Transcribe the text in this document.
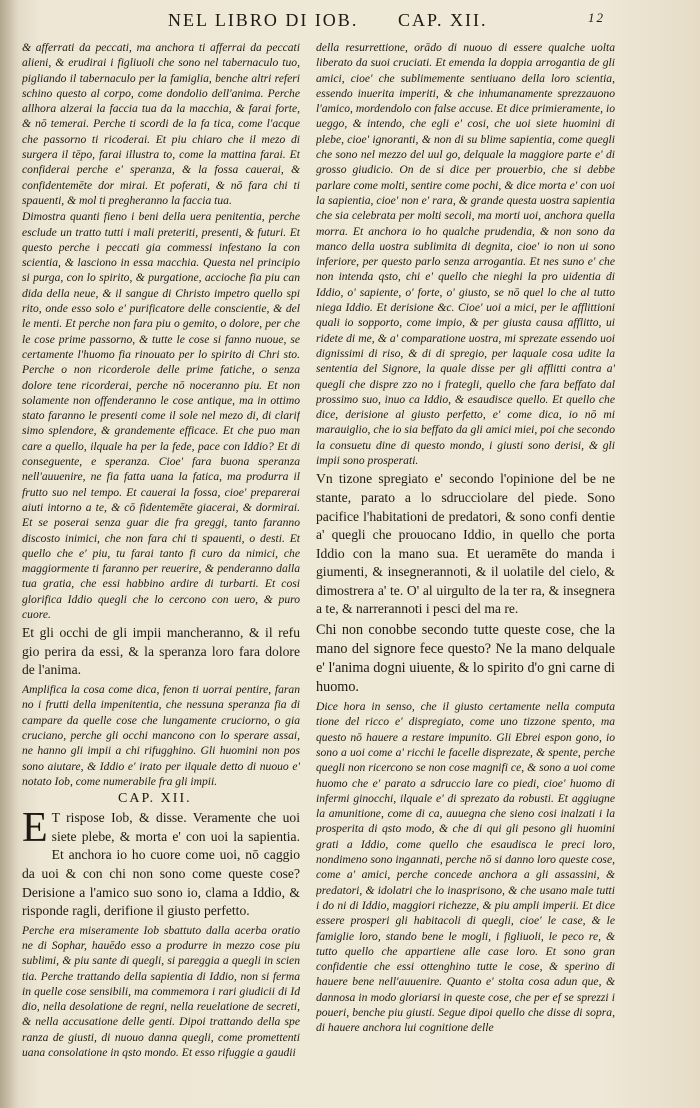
NEL LIBRO DI IOB. CAP. XII.	12

& afferrati da peccati, ma anchora ti afferrai da peccati alieni, & erudirai i figliuoli che sono nel tabernaculo tuo, pigliando il tabernaculo per la famiglia, benche altri referi schino questo al corpo, come dondolio dell'anima. Perche allhora alzerai la faccia tua da la macchia, & farai forte, & nō temerai. Perche ti scordi de la fa tica, come l'acque che passorno ti ricoderai. Et piu chiaro che il mezo di surgera il tēpo, farai illustra to, come la mattina farai. Et confiderai perche e' speranza, & la fossa cauerai, & confidentemēte dor mirai. Et poferati, & nō fara chi ti spauenti, & mol ti pregheranno la faccia tua.

Dimostra quanti fieno i beni della uera penitentia, perche esclude un tratto tutti i mali preteriti, presenti, & futuri. Et questo perche i peccati gia commessi infestano la con scientia, & lasciono in essa macchia. Questa nel principio si purga, con lo spirito, & purgatione, accioche fia piu can dida della neue, & il sangue di Christo impetro quello spi rito, onde esso solo e' purificatore delle conscientie, & del le menti. Et perche non fara piu o gemito, o dolore, per che le cose prime passorno, & tutte le cose si fanno nuoue, se certamente l'huomo fia rinouato per lo spirito di Chri sto. Perche o non ricorderole delle prime fatiche, o senza dolore tene ricorderai, perche nō noceranno piu. Et non solamente non offenderanno le cose antique, ma in ottimo stato faranno le presenti come il sole nel mezo di, di clarif simo splendore, & grandemente efficace. Et che puo man care a quello, ilquale ha per la fede, pace con Iddio? Et di conseguente, e speranza. Cioe' fara buona speranza nell'auuenire, ne fia fatta uana la fatica, ma produrra il frutto suo nel tempo. Et cauerai la fossa, cioe' preparerai aiuti intorno a te, & cō fidentemēte giacerai, & dormirai. Et se poserai senza guar die fra greggi, tanto faranno discosto inimici, che non fara chi ti spauenti, o desti. Et quello che e' piu, tu farai tanto fi curo da nimici, che maggiormente ti faranno per reuerire, & penderanno dalla tua gratia, che essi habbino ardire di turbarti. Et cosi glorifica Iddio quegli che lo cercono con uero, & puro cuore.

Et gli occhi de gli impii mancheranno, & il refu gio perira da essi, & la speranza loro fara dolore de l'anima.

Amplifica la cosa come dica, fenon ti uorrai pentire, faran no i frutti della impenitentia, che nessuna speranza fia di campare da quelle cose che lungamente cruciorno, o gia cruciano, perche gli occhi mancono con lo sperare assai, ne hanno gli impii a chi rifugghino. Gli huomini non pos sono aiutare, & Iddio e' irato per ilquale detto di nuouo e' notato Iob, come numerabile fra gli impii.

CAP. XII.

E T rispose Iob, & disse. Veramente che uoi siete plebe, & morta e' con uoi la sapientia. Et anchora io ho cuore come uoi, nō caggio da uoi & con chi non sono come queste cose? Derisione a l'amico suo sono io, clama a Iddio, & risponde ragli, derifione il giusto perfetto.

Perche era miseramente Iob sbattuto dalla acerba oratio ne di Sophar, hauēdo esso a produrre in mezzo cose piu sublimi, & piu sante di quegli, si pareggia a quegli in scien tia. Perche trattando della sapientia di Iddio, non si ferma in quelle cose sensibili, ma commemora i rari giudicii di Id dio, nella desolatione de regni, nella reuelatione de secreti, & nella accusatione delle genti. Dipoi trattando della spe ranza de giusti, di nuouo danna quegli, come promettenti uana consolatione in qsto mondo. Et esso rifuggie a gaudii

della resurrettione, orādo di nuouo di essere qualche uolta liberato da suoi cruciati. Et emenda la doppia arrogantia de gli amici, cioe' che sublimemente sentiuano della loro scientia, essendo inuerita imperiti, & che inhumanamente sprezzauono l'amico, mordendolo con false accuse. Et dice primieramente, io ueggo, & intendo, che egli e' cosi, che uoi siete huomini di plebe, cioe' ignoranti, & non di su blime sapientia, come quegli che sono nel mezzo del uul go, delquale la maggiore parte e' di grosso giudicio. On de si dice per prouerbio, che si debbe parlare come molti, sentire come pochi, & dice morta e' con uoi la sapientia, cioe' non e' rara, & grande questa uostra sapientia che sia celebrata per molti secoli, ma morti uoi, anchora quella morra. Et anchora io ho qualche prudendia, & non sono da manco della uostra sublimita di degnita, cioe' io non ui sono inferiore, per questo parlo senza arrogantia. Et nes suno e' che non intenda qsto, chi e' quello che nieghi la pro uidentia di Iddio, o' sapiente, o' forte, o' giusto, se nō quel lo che al tutto niega Iddio. Et derisione &c. Cioe' uoi a mici, per le afflittioni quali io sopporto, come impio, & per giusta causa afflitto, ui ridete di me, & a' comparatione uostra, mi sprezate essendo uoi dignissimi di riso, & di di spregio, per laquale cosa udite la sententia del Signore, la quale disse per gli afflitti contra a' quegli che dispre zzo no i frategli, quello che fara beffato dal prossimo suo, inuo ca Iddio, & esaudisce quello. Et quello che dice, derisione al giusto perfetto, e' come dica, io nō mi marauiglio, che io sia beffato da gli amici miei, poi che secondo la consuetu dine di questo mondo, i giusti sono derisi, & gli impii sono prosperati.

Vn tizone spregiato e' secondo l'opinione del be ne stante, parato a lo sdrucciolare del piede. Sono pacifice l'habitationi de predatori, & sono confi dentie a' quegli che prouocano Iddio, in quello che porta Iddio con la mano sua. Et ueramēte do manda i giumenti, & insegnerannoti, & il uolatile del cielo, & dimostrera a' te. O' al uirgulto de la ter ra, & insegnera a te, & narrerannoti i pesci del ma re.

Chi non conobbe secondo tutte queste cose, che la mano del signore fece questo? Ne la mano delquale e' l'anima dogni uiuente, & lo spirito d'o gni carne di huomo.

Dice hora in senso, che il giusto certamente nella computa tione del ricco e' dispregiato, come uno tizzone spento, ma questo nō hauere a restare impunito. Gli Ebrei espon gono, io sono a uoi come a' ricchi le facelle disprezate, & spente, perche quegli non ricercono se non cose magnifi ce, & sono a uoi come huomo che e' parato a sdruccio lare co piedi, cioe' huomo di infermi ginocchi, ilquale e' di sprezato da robusti. Et aggiugne la amunitione, come di ca, auuegna che sieno cosi inalzati i la prosperita di qsto modo, & che di qui gli pesono gli huomini grati a Iddio, come quello che esaudisca le preci loro, nondimeno sono ingannati, perche nō si danno loro queste cose, come a' amici, perche concede anchora a gli assassini, & predatori, & idolatri che lo inasprisono, & che usano male tutti i do ni di Iddio, maggiori richezze, & piu ampli imperii. Et dice essere prosperi gli habitacoli di quegli, cioe' le case, & le famiglie loro, stando bene le mogli, i figliuoli, le peco re, & tutto quello che appartiene alle case loro. Et sono gran confidentie che essi ottenghino tutte le cose, & sperino di hauere bene nell'auuenire. Quanto e' stolta cosa adun que, & dannosa in modo gloriarsi in queste cose, che per ef se sprezzi i poueri, benche piu giusti. Segue dipoi quello che disse di sopra, di hauere anchora lui cognitione delle
